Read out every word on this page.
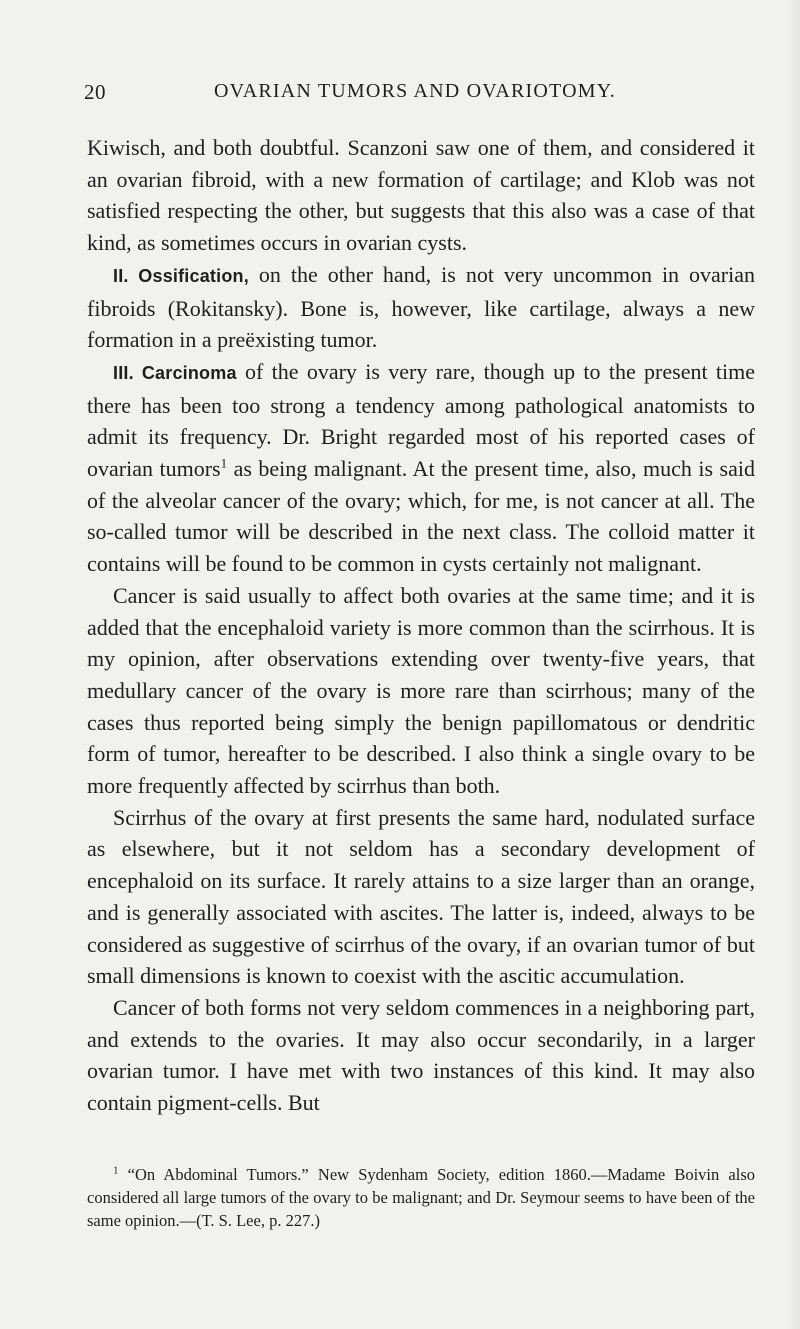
20	OVARIAN TUMORS AND OVARIOTOMY.

Kiwisch, and both doubtful. Scanzoni saw one of them, and considered it an ovarian fibroid, with a new formation of cartilage; and Klob was not satisfied respecting the other, but suggests that this also was a case of that kind, as sometimes occurs in ovarian cysts.

II. Ossification, on the other hand, is not very uncommon in ovarian fibroids (Rokitansky). Bone is, however, like cartilage, always a new formation in a preëxisting tumor.

III. Carcinoma of the ovary is very rare, though up to the present time there has been too strong a tendency among pathological anatomists to admit its frequency. Dr. Bright regarded most of his reported cases of ovarian tumors$^1$ as being malignant. At the present time, also, much is said of the alveolar cancer of the ovary; which, for me, is not cancer at all. The so-called tumor will be described in the next class. The colloid matter it contains will be found to be common in cysts certainly not malignant.

Cancer is said usually to affect both ovaries at the same time; and it is added that the encephaloid variety is more common than the scirrhous. It is my opinion, after observations extending over twenty-five years, that medullary cancer of the ovary is more rare than scirrhous; many of the cases thus reported being simply the benign papillomatous or dendritic form of tumor, hereafter to be described. I also think a single ovary to be more frequently affected by scirrhus than both.

Scirrhus of the ovary at first presents the same hard, nodulated surface as elsewhere, but it not seldom has a secondary development of encephaloid on its surface. It rarely attains to a size larger than an orange, and is generally associated with ascites. The latter is, indeed, always to be considered as suggestive of scirrhus of the ovary, if an ovarian tumor of but small dimensions is known to coexist with the ascitic accumulation.

Cancer of both forms not very seldom commences in a neighboring part, and extends to the ovaries. It may also occur secondarily, in a larger ovarian tumor. I have met with two instances of this kind. It may also contain pigment-cells. But

$^1$ “On Abdominal Tumors.” New Sydenham Society, edition 1860.—Madame Boivin also considered all large tumors of the ovary to be malignant; and Dr. Seymour seems to have been of the same opinion.—(T. S. Lee, p. 227.)
